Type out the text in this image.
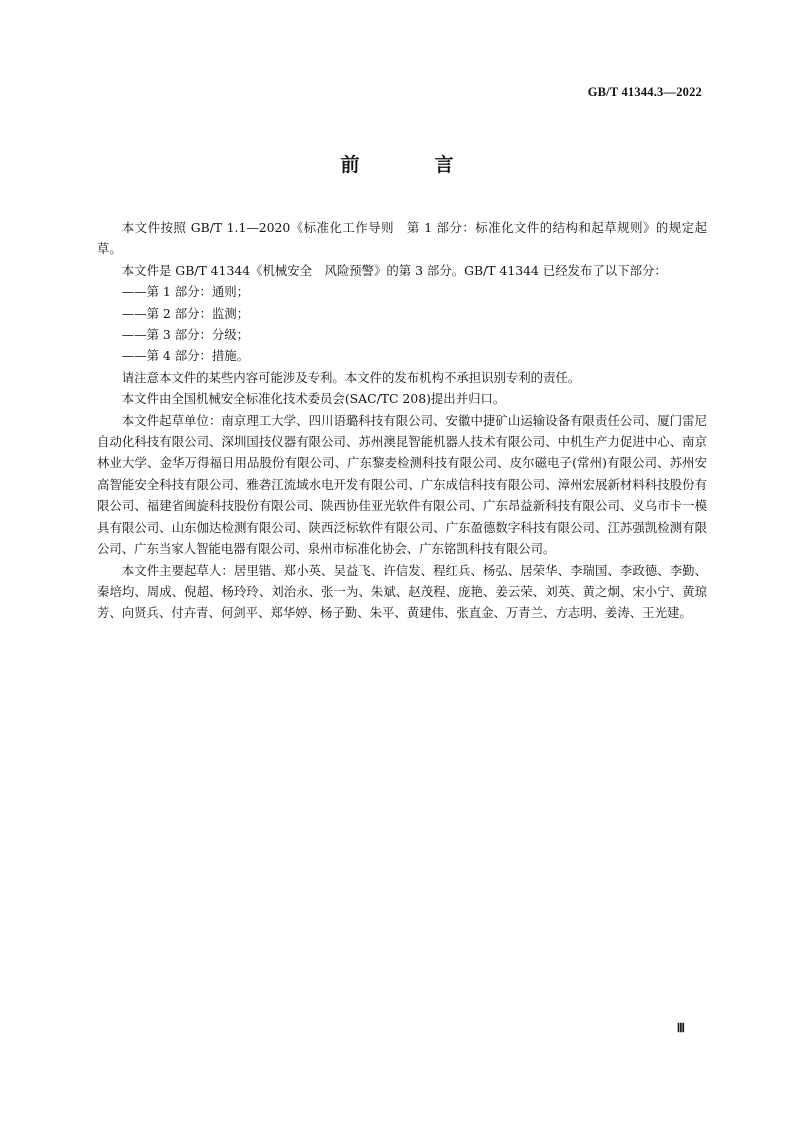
GB/T 41344.3—2022
前　言

本文件按照 GB/T 1.1—2020《标准化工作导则　第 1 部分：标准化文件的结构和起草规则》的规定起草。

本文件是 GB/T 41344《机械安全　风险预警》的第 3 部分。GB/T 41344 已经发布了以下部分：

——第 1 部分：通则；

——第 2 部分：监测；

——第 3 部分：分级；

——第 4 部分：措施。

请注意本文件的某些内容可能涉及专利。本文件的发布机构不承担识别专利的责任。

本文件由全国机械安全标准化技术委员会(SAC/TC 208)提出并归口。

本文件起草单位：南京理工大学、四川语璐科技有限公司、安徽中捷矿山运输设备有限责任公司、厦门雷尼自动化科技有限公司、深圳国技仪器有限公司、苏州澳昆智能机器人技术有限公司、中机生产力促进中心、南京林业大学、金华万得福日用品股份有限公司、广东黎麦检测科技有限公司、皮尔磁电子(常州)有限公司、苏州安高智能安全科技有限公司、雅砻江流域水电开发有限公司、广东成信科技有限公司、漳州宏展新材料科技股份有限公司、福建省闽旋科技股份有限公司、陕西协佳亚光软件有限公司、广东昂益新科技有限公司、义乌市卡一模具有限公司、山东伽达检测有限公司、陕西泛标软件有限公司、广东盈德数字科技有限公司、江苏强凯检测有限公司、广东当家人智能电器有限公司、泉州市标准化协会、广东铭凯科技有限公司。

本文件主要起草人：居里锴、郑小英、吴益飞、许信发、程红兵、杨弘、居荣华、李瑞国、李政德、李勤、秦培均、周成、倪超、杨玲玲、刘治永、张一为、朱斌、赵茂程、庞艳、姜云荣、刘英、黄之炯、宋小宁、黄琼芳、向贤兵、付卉青、何剑平、郑华婷、杨子勤、朱平、黄建伟、张直金、万青兰、方志明、姜涛、王光建。

Ⅲ
